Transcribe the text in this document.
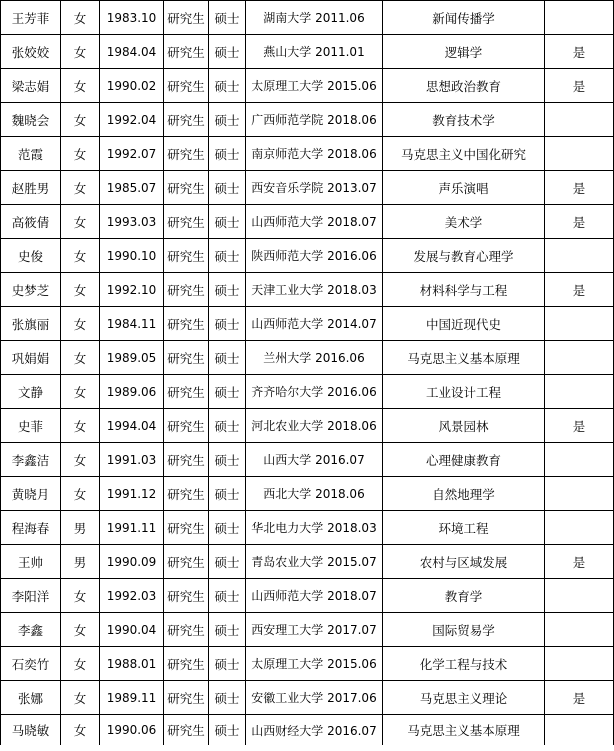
王芳菲	女	1983.10	研究生	硕士	湖南大学 2011.06	新闻传播学	
张姣姣	女	1984.04	研究生	硕士	燕山大学 2011.01	逻辑学	是
梁志娟	女	1990.02	研究生	硕士	太原理工大学 2015.06	思想政治教育	是
魏晓会	女	1992.04	研究生	硕士	广西师范学院 2018.06	教育技术学	
范霞	女	1992.07	研究生	硕士	南京师范大学 2018.06	马克思主义中国化研究	
赵胜男	女	1985.07	研究生	硕士	西安音乐学院 2013.07	声乐演唱	是
高筱倩	女	1993.03	研究生	硕士	山西师范大学 2018.07	美术学	是
史俊	女	1990.10	研究生	硕士	陕西师范大学 2016.06	发展与教育心理学	
史梦芝	女	1992.10	研究生	硕士	天津工业大学 2018.03	材料科学与工程	是
张旗丽	女	1984.11	研究生	硕士	山西师范大学 2014.07	中国近现代史	
巩娟娟	女	1989.05	研究生	硕士	兰州大学 2016.06	马克思主义基本原理	
文静	女	1989.06	研究生	硕士	齐齐哈尔大学 2016.06	工业设计工程	
史菲	女	1994.04	研究生	硕士	河北农业大学 2018.06	风景园林	是
李鑫洁	女	1991.03	研究生	硕士	山西大学 2016.07	心理健康教育	
黄晓月	女	1991.12	研究生	硕士	西北大学 2018.06	自然地理学	
程海春	男	1991.11	研究生	硕士	华北电力大学 2018.03	环境工程	
王帅	男	1990.09	研究生	硕士	青岛农业大学 2015.07	农村与区域发展	是
李阳洋	女	1992.03	研究生	硕士	山西师范大学 2018.07	教育学	
李鑫	女	1990.04	研究生	硕士	西安理工大学 2017.07	国际贸易学	
石奕竹	女	1988.01	研究生	硕士	太原理工大学 2015.06	化学工程与技术	
张娜	女	1989.11	研究生	硕士	安徽工业大学 2017.06	马克思主义理论	是
马晓敏	女	1990.06	研究生	硕士	山西财经大学 2016.07	马克思主义基本原理	
